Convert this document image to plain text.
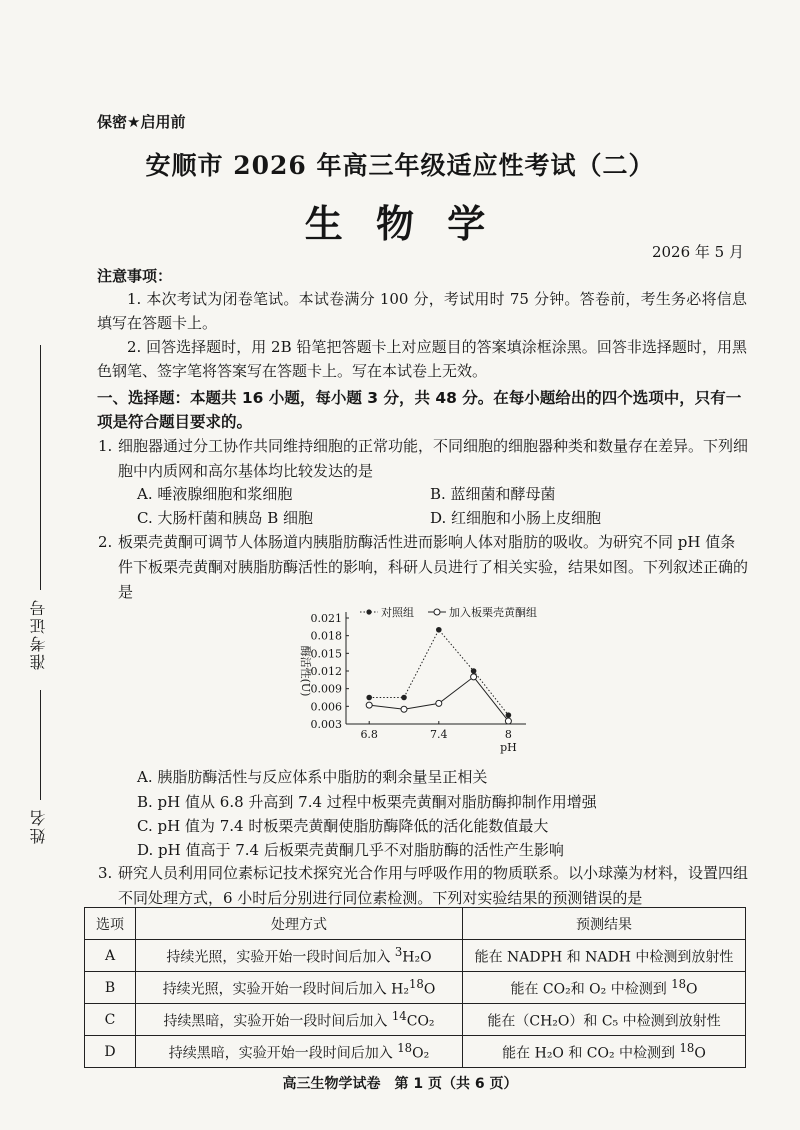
准考证号
姓名
保密★启用前
安顺市 2026 年高三年级适应性考试（二）
生 物 学
2026 年 5 月
注意事项：
1. 本次考试为闭卷笔试。本试卷满分 100 分，考试用时 75 分钟。答卷前，考生务必将信息填写在答题卡上。
2. 回答选择题时，用 2B 铅笔把答题卡上对应题目的答案填涂框涂黑。回答非选择题时，用黑色钢笔、签字笔将答案写在答题卡上。写在本试卷上无效。
一、选择题：本题共 16 小题，每小题 3 分，共 48 分。在每小题给出的四个选项中，只有一项是符合题目要求的。
1. 细胞器通过分工协作共同维持细胞的正常功能，不同细胞的细胞器种类和数量存在差异。下列细胞中内质网和高尔基体均比较发达的是
A. 唾液腺细胞和浆细胞	B. 蓝细菌和酵母菌
C. 大肠杆菌和胰岛 B 细胞	D. 红细胞和小肠上皮细胞
2. 板栗壳黄酮可调节人体肠道内胰脂肪酶活性进而影响人体对脂肪的吸收。为研究不同 pH 值条件下板栗壳黄酮对胰脂肪酶活性的影响，科研人员进行了相关实验，结果如图。下列叙述正确的是
0.003
0.006
0.009
0.012
0.015
0.018
0.021
6.8	7.4	8
pH
酶活性(U)
对照组	加入板栗壳黄酮组
A. 胰脂肪酶活性与反应体系中脂肪的剩余量呈正相关
B. pH 值从 6.8 升高到 7.4 过程中板栗壳黄酮对脂肪酶抑制作用增强
C. pH 值为 7.4 时板栗壳黄酮使脂肪酶降低的活化能数值最大
D. pH 值高于 7.4 后板栗壳黄酮几乎不对脂肪酶的活性产生影响
3. 研究人员利用同位素标记技术探究光合作用与呼吸作用的物质联系。以小球藻为材料，设置四组不同处理方式，6 小时后分别进行同位素检测。下列对实验结果的预测错误的是
选项	处理方式	预测结果
A	持续光照，实验开始一段时间后加入 $^3$H₂O	能在 NADPH 和 NADH 中检测到放射性
B	持续光照，实验开始一段时间后加入 H₂$^{18}$O	能在 CO₂和 O₂ 中检测到 $^{18}$O
C	持续黑暗，实验开始一段时间后加入 $^{14}$CO₂	能在（CH₂O）和 C₅ 中检测到放射性
D	持续黑暗，实验开始一段时间后加入 $^{18}$O₂	能在 H₂O 和 CO₂ 中检测到 $^{18}$O
高三生物学试卷　第 1 页（共 6 页）
